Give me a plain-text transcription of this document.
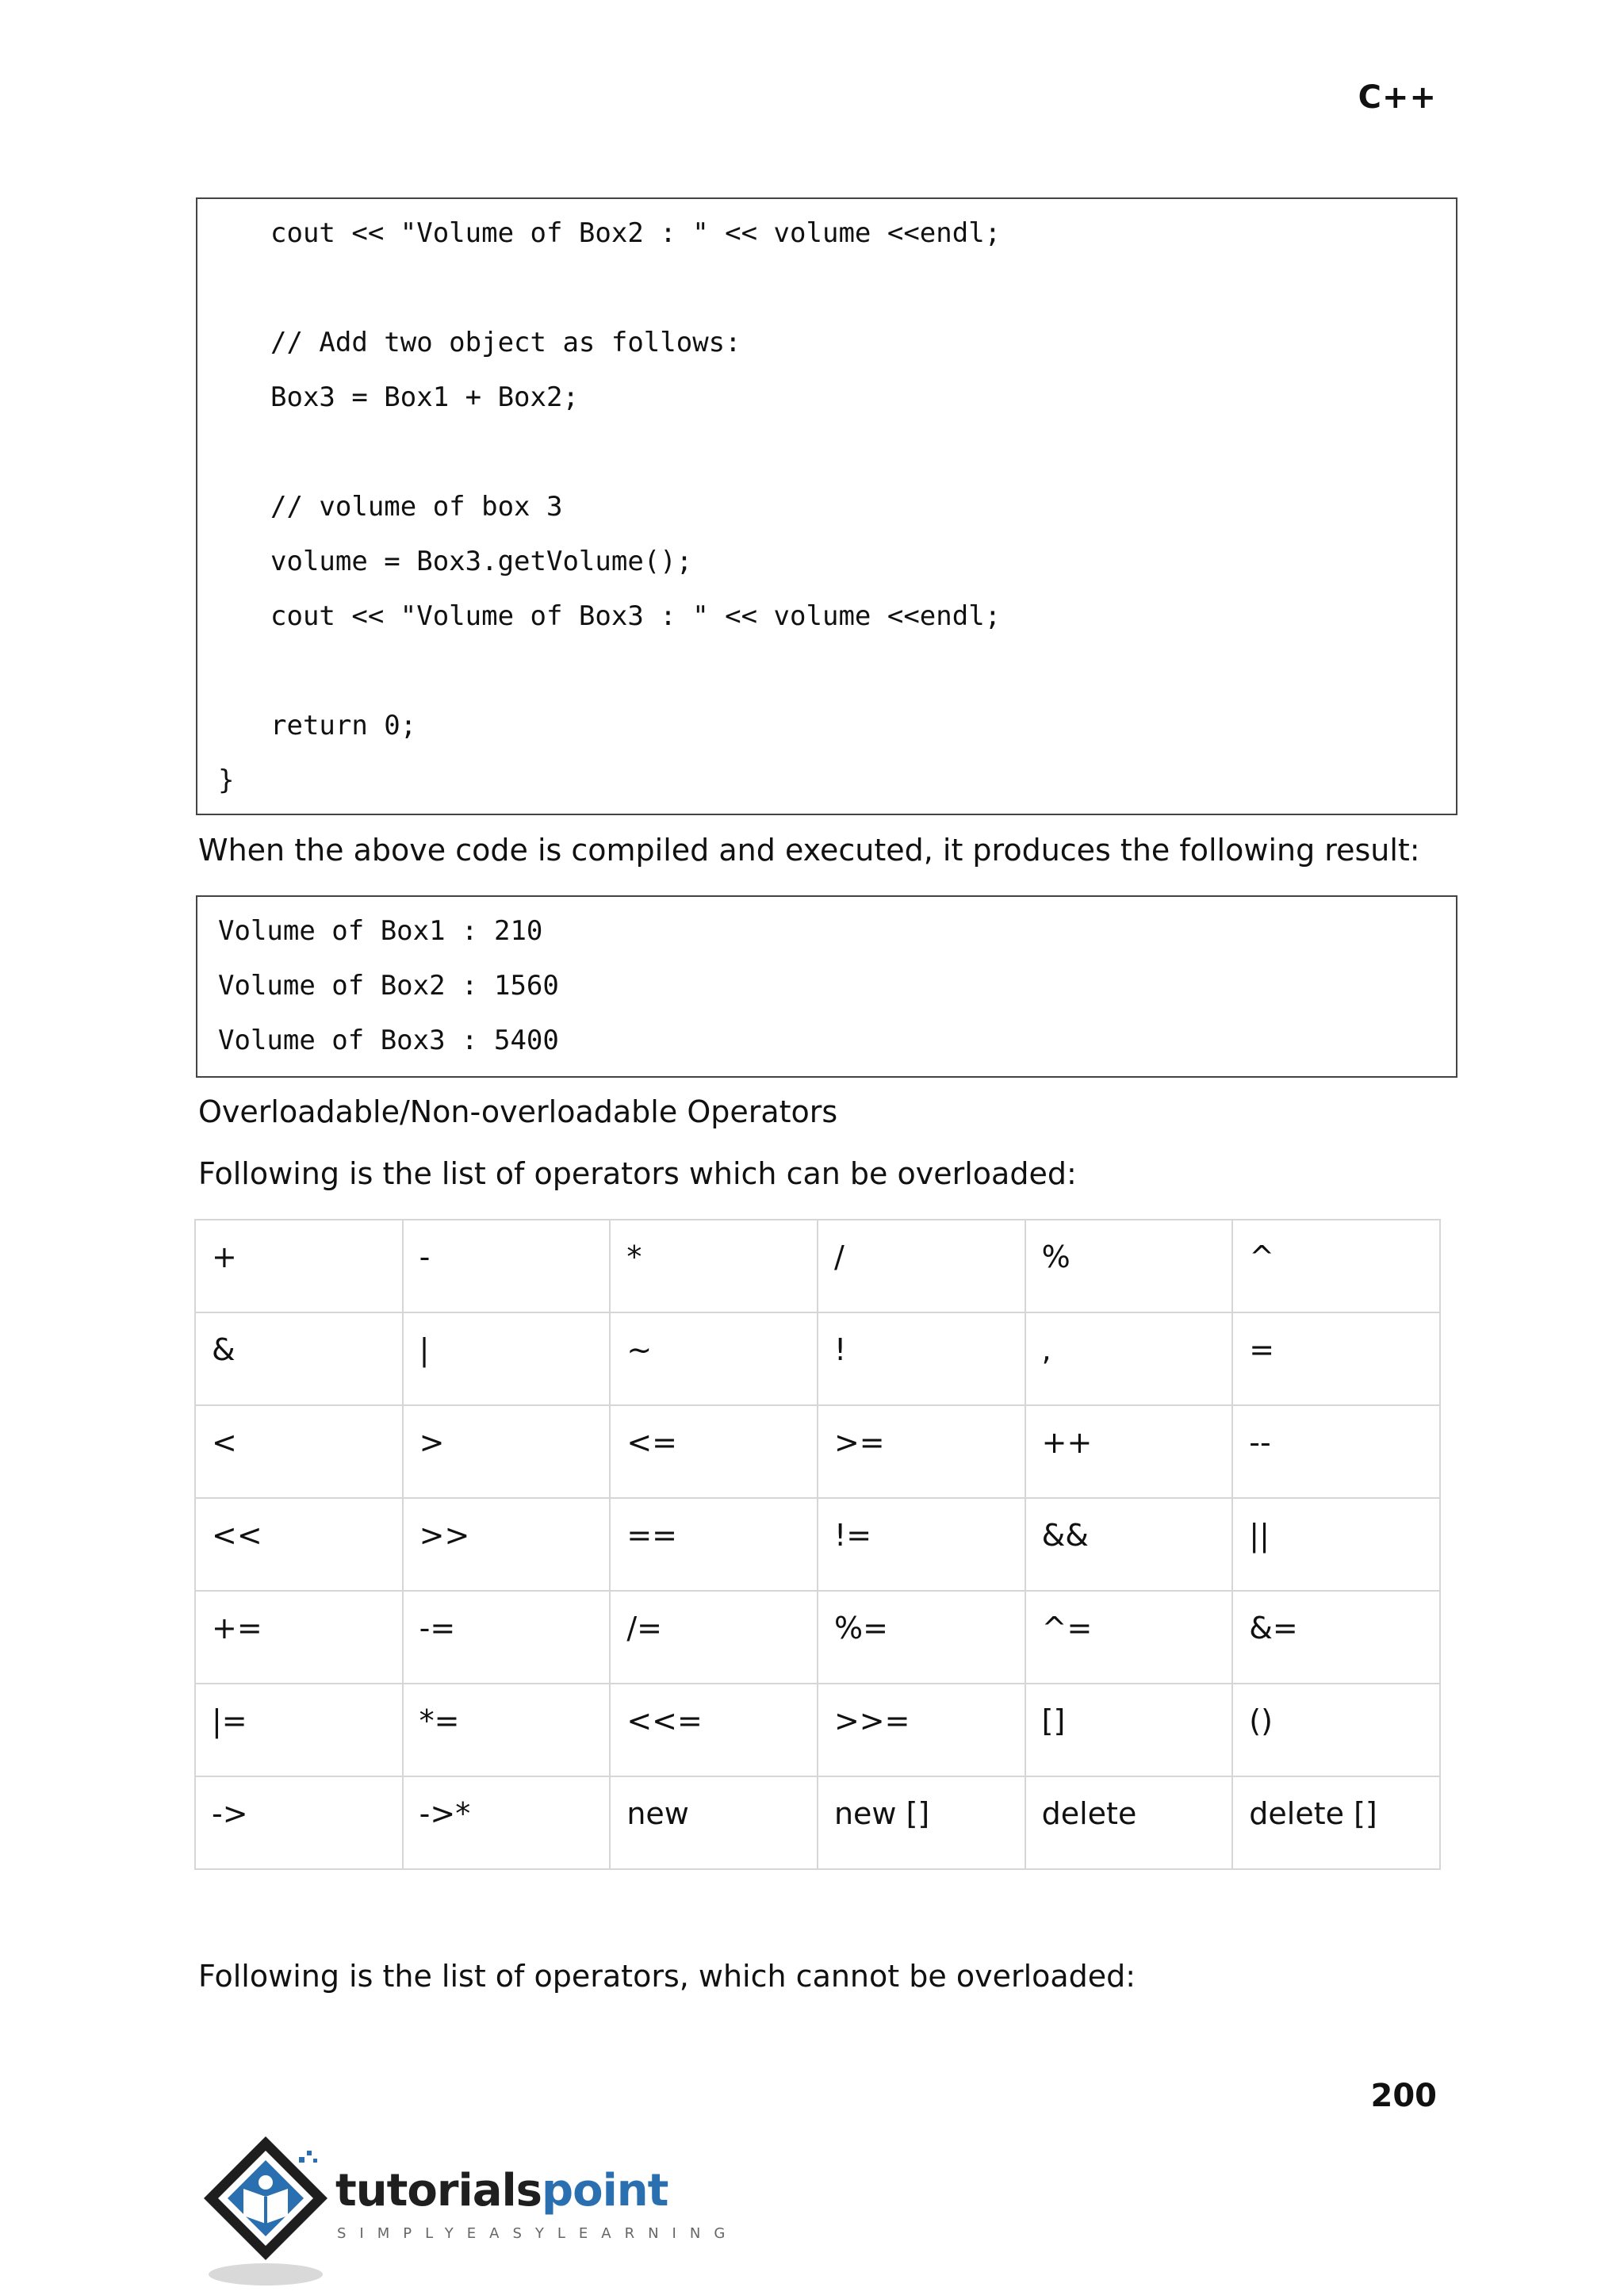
C++
cout << "Volume of Box2 : " << volume <<endl;
// Add two object as follows:
Box3 = Box1 + Box2;
// volume of box 3
volume = Box3.getVolume();
cout << "Volume of Box3 : " << volume <<endl;
return 0;
}
When the above code is compiled and executed, it produces the following result:
Volume of Box1 : 210
Volume of Box2 : 1560
Volume of Box3 : 5400
Overloadable/Non-overloadable Operators
Following is the list of operators which can be overloaded:
+	-	*	/	%	^

&	|	~	!	,	=

<	>	<=	>=	++	--

<<	>>	==	!=	&&	||

+=	-=	/=	%=	^=	&=

|=	*=	<<=	>>=	[]	()

->	->*	new	new []	delete	delete []
Following is the list of operators, which cannot be overloaded:
200
tutorialspoint
SIMPLYEASYLEARNING
